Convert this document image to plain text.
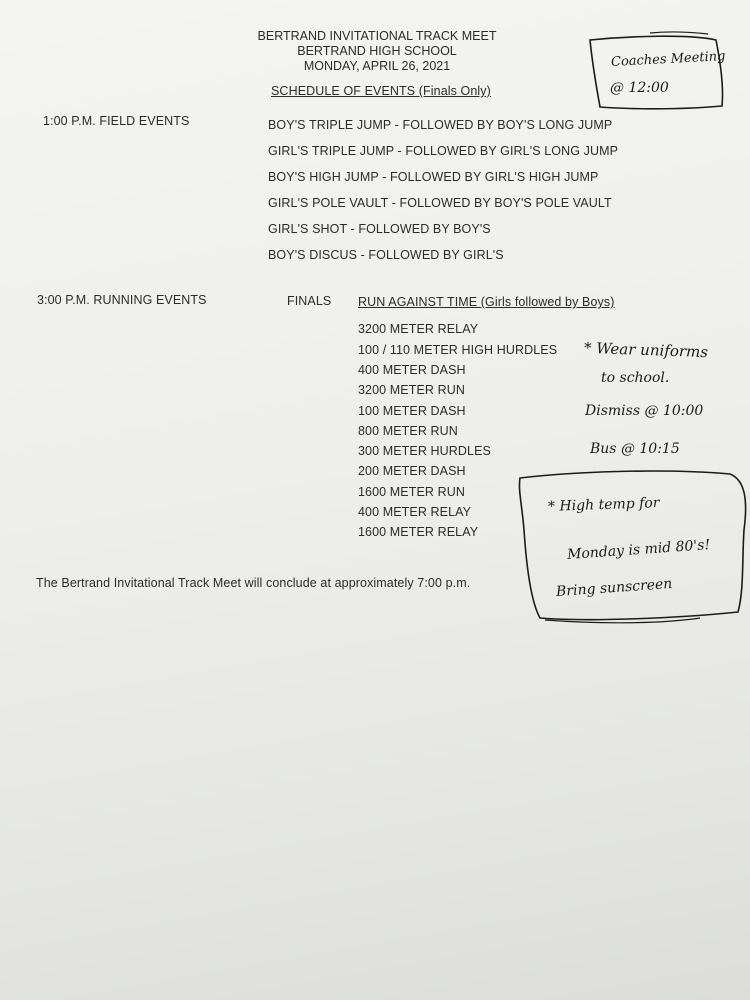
BERTRAND INVITATIONAL TRACK MEET
BERTRAND HIGH SCHOOL
MONDAY, APRIL 26, 2021
SCHEDULE OF EVENTS (Finals Only)
1:00 P.M. FIELD EVENTS	BOY'S TRIPLE JUMP - FOLLOWED BY BOY'S LONG JUMP
GIRL'S TRIPLE JUMP - FOLLOWED BY GIRL'S LONG JUMP
BOY'S HIGH JUMP - FOLLOWED BY GIRL'S HIGH JUMP
GIRL'S POLE VAULT - FOLLOWED BY BOY'S POLE VAULT
GIRL'S SHOT - FOLLOWED BY BOY'S
BOY'S DISCUS - FOLLOWED BY GIRL'S
3:00 P.M. RUNNING EVENTS	FINALS RUN AGAINST TIME (Girls followed by Boys)
3200 METER RELAY
100 / 110 METER HIGH HURDLES
400 METER DASH
3200 METER RUN
100 METER DASH
800 METER RUN
300 METER HURDLES
200 METER DASH
1600 METER RUN
400 METER RELAY
1600 METER RELAY
The Bertrand Invitational Track Meet will conclude at approximately 7:00 p.m.
Coaches Meeting
@ 12:00
* Wear uniforms
to school.
Dismiss @ 10:00
Bus @ 10:15
* High temp for
Monday is mid 80's!
Bring sunscreen
